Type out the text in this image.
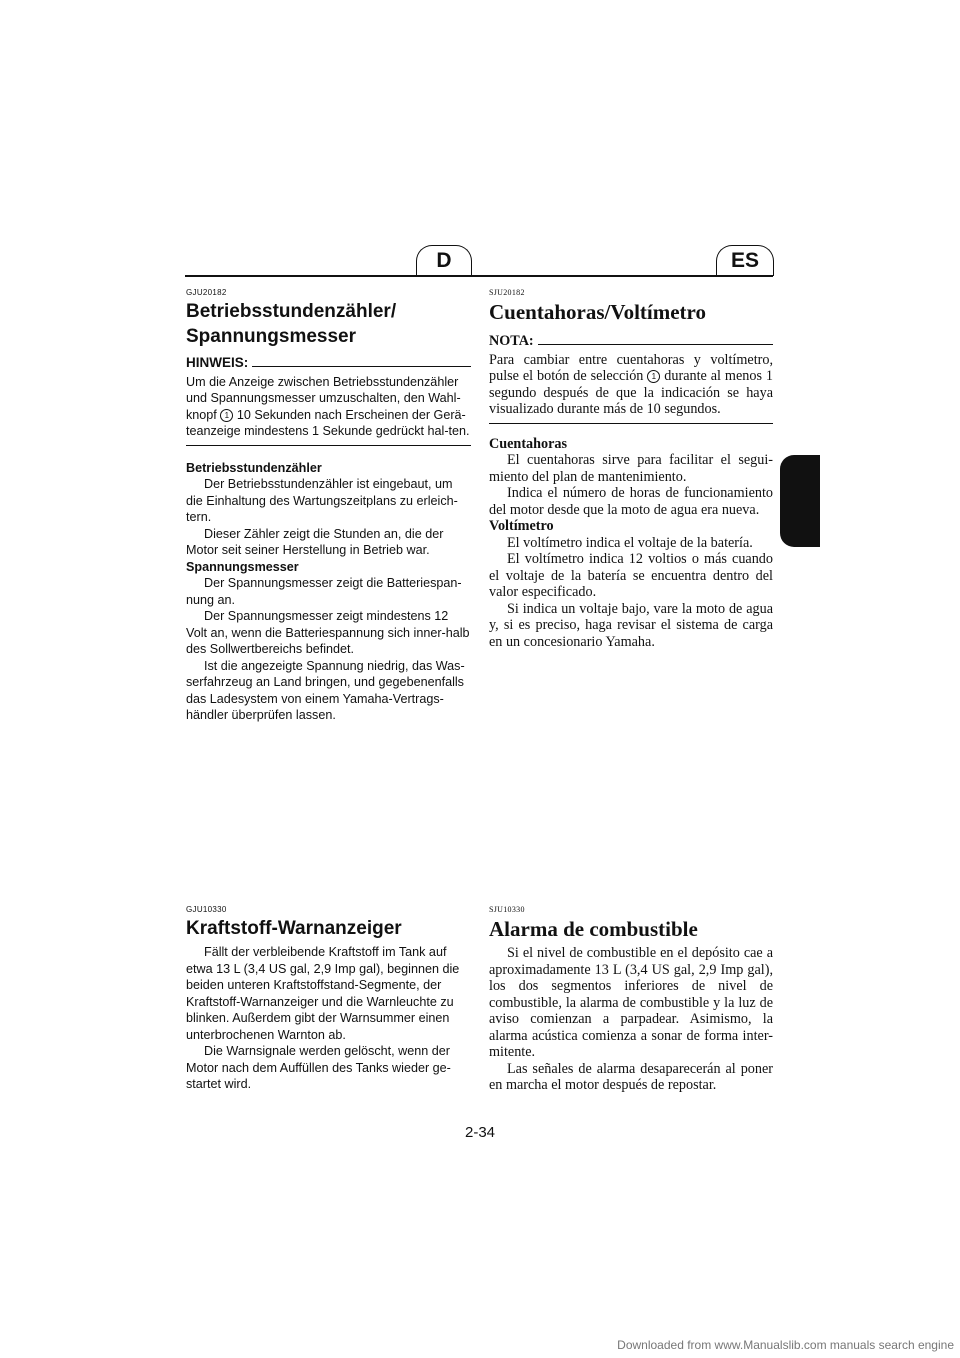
D	ES
GJU20182
Betriebsstundenzähler/
Spannungsmesser
HINWEIS:

Um die Anzeige zwischen Betriebsstundenzähler und Spannungsmesser umzuschalten, den Wahl-knopf 1 10 Sekunden nach Erscheinen der Gerä-teanzeige mindestens 1 Sekunde gedrückt hal-ten.

Betriebsstundenzähler

Der Betriebsstundenzähler ist eingebaut, um die Einhaltung des Wartungszeitplans zu erleich-tern.

Dieser Zähler zeigt die Stunden an, die der Motor seit seiner Herstellung in Betrieb war.

Spannungsmesser

Der Spannungsmesser zeigt die Batteriespan-nung an.

Der Spannungsmesser zeigt mindestens 12 Volt an, wenn die Batteriespannung sich inner-halb des Sollwertbereichs befindet.

Ist die angezeigte Spannung niedrig, das Was-serfahrzeug an Land bringen, und gegebenenfalls das Ladesystem von einem Yamaha-Vertrags-händler überprüfen lassen.

SJU20182
Cuentahoras/Voltímetro
NOTA:

Para cambiar entre cuentahoras y voltímetro, pulse el botón de selección 1 durante al menos 1 segundo después de que la indicación se haya visualizado durante más de 10 segundos.

Cuentahoras

El cuentahoras sirve para facilitar el segui-miento del plan de mantenimiento.

Indica el número de horas de funcionamiento del motor desde que la moto de agua era nueva.

Voltímetro

El voltímetro indica el voltaje de la batería.

El voltímetro indica 12 voltios o más cuando el voltaje de la batería se encuentra dentro del valor especificado.

Si indica un voltaje bajo, vare la moto de agua y, si es preciso, haga revisar el sistema de carga en un concesionario Yamaha.

GJU10330
Kraftstoff-Warnanzeiger

Fällt der verbleibende Kraftstoff im Tank auf etwa 13 L (3,4 US gal, 2,9 Imp gal), beginnen die beiden unteren Kraftstoffstand-Segmente, der Kraftstoff-Warnanzeiger und die Warnleuchte zu blinken. Außerdem gibt der Warnsummer einen unterbrochenen Warnton ab.

Die Warnsignale werden gelöscht, wenn der Motor nach dem Auffüllen des Tanks wieder ge-startet wird.

SJU10330
Alarma de combustible

Si el nivel de combustible en el depósito cae a aproximadamente 13 L (3,4 US gal, 2,9 Imp gal), los dos segmentos inferiores de nivel de combustible, la alarma de combustible y la luz de aviso comienzan a parpadear. Asimismo, la alarma acústica comienza a sonar de forma inter-mitente.

Las señales de alarma desaparecerán al poner en marcha el motor después de repostar.

2-34
Downloaded from www.Manualslib.com manuals search engine
